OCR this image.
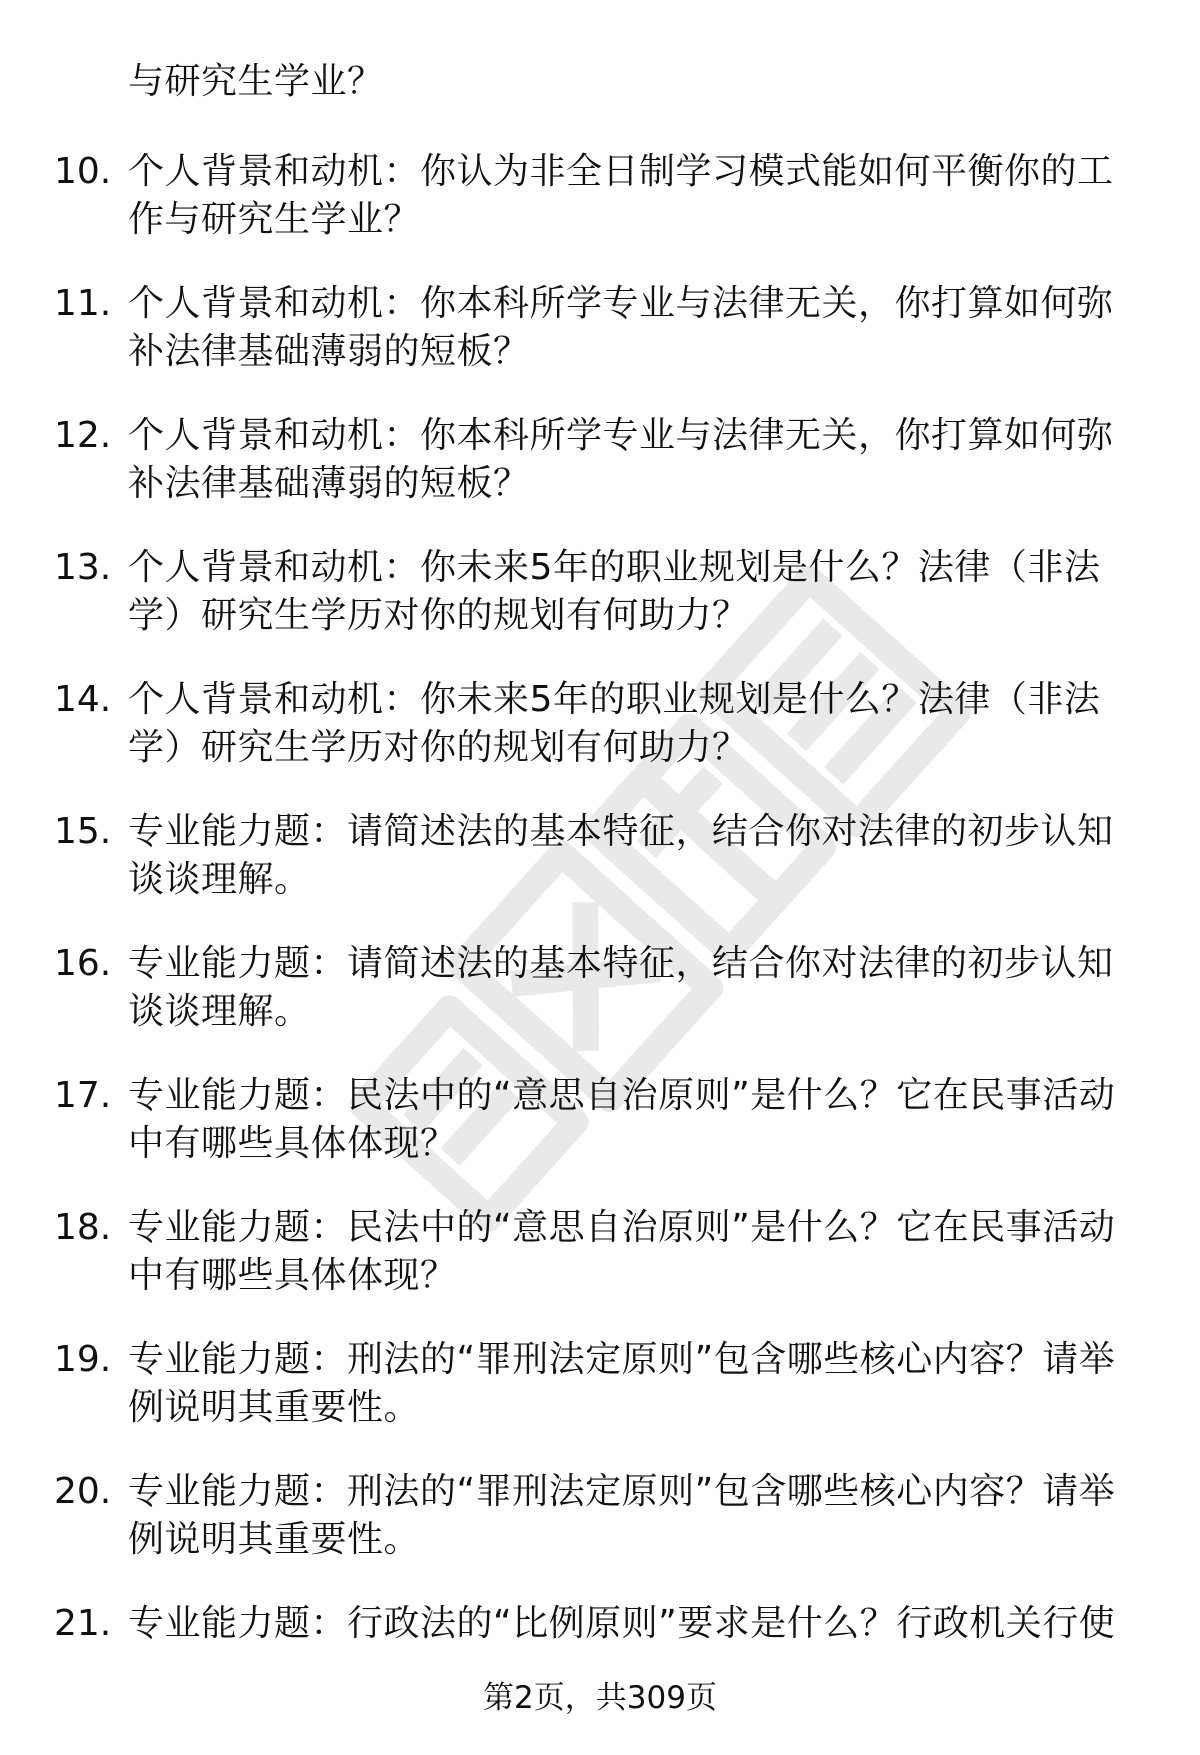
与研究生学业？
10. 个人背景和动机：你认为非全日制学习模式能如何平衡你的工作与研究生学业？
11. 个人背景和动机：你本科所学专业与法律无关，你打算如何弥补法律基础薄弱的短板？
12. 个人背景和动机：你本科所学专业与法律无关，你打算如何弥补法律基础薄弱的短板？
13. 个人背景和动机：你未来5年的职业规划是什么？法律（非法学）研究生学历对你的规划有何助力？
14. 个人背景和动机：你未来5年的职业规划是什么？法律（非法学）研究生学历对你的规划有何助力？
15. 专业能力题：请简述法的基本特征，结合你对法律的初步认知谈谈理解。
16. 专业能力题：请简述法的基本特征，结合你对法律的初步认知谈谈理解。
17. 专业能力题：民法中的“意思自治原则”是什么？它在民事活动中有哪些具体体现？
18. 专业能力题：民法中的“意思自治原则”是什么？它在民事活动中有哪些具体体现？
19. 专业能力题：刑法的“罪刑法定原则”包含哪些核心内容？请举例说明其重要性。
20. 专业能力题：刑法的“罪刑法定原则”包含哪些核心内容？请举例说明其重要性。
21. 专业能力题：行政法的“比例原则”要求是什么？行政机关行使
第2页，共309页
